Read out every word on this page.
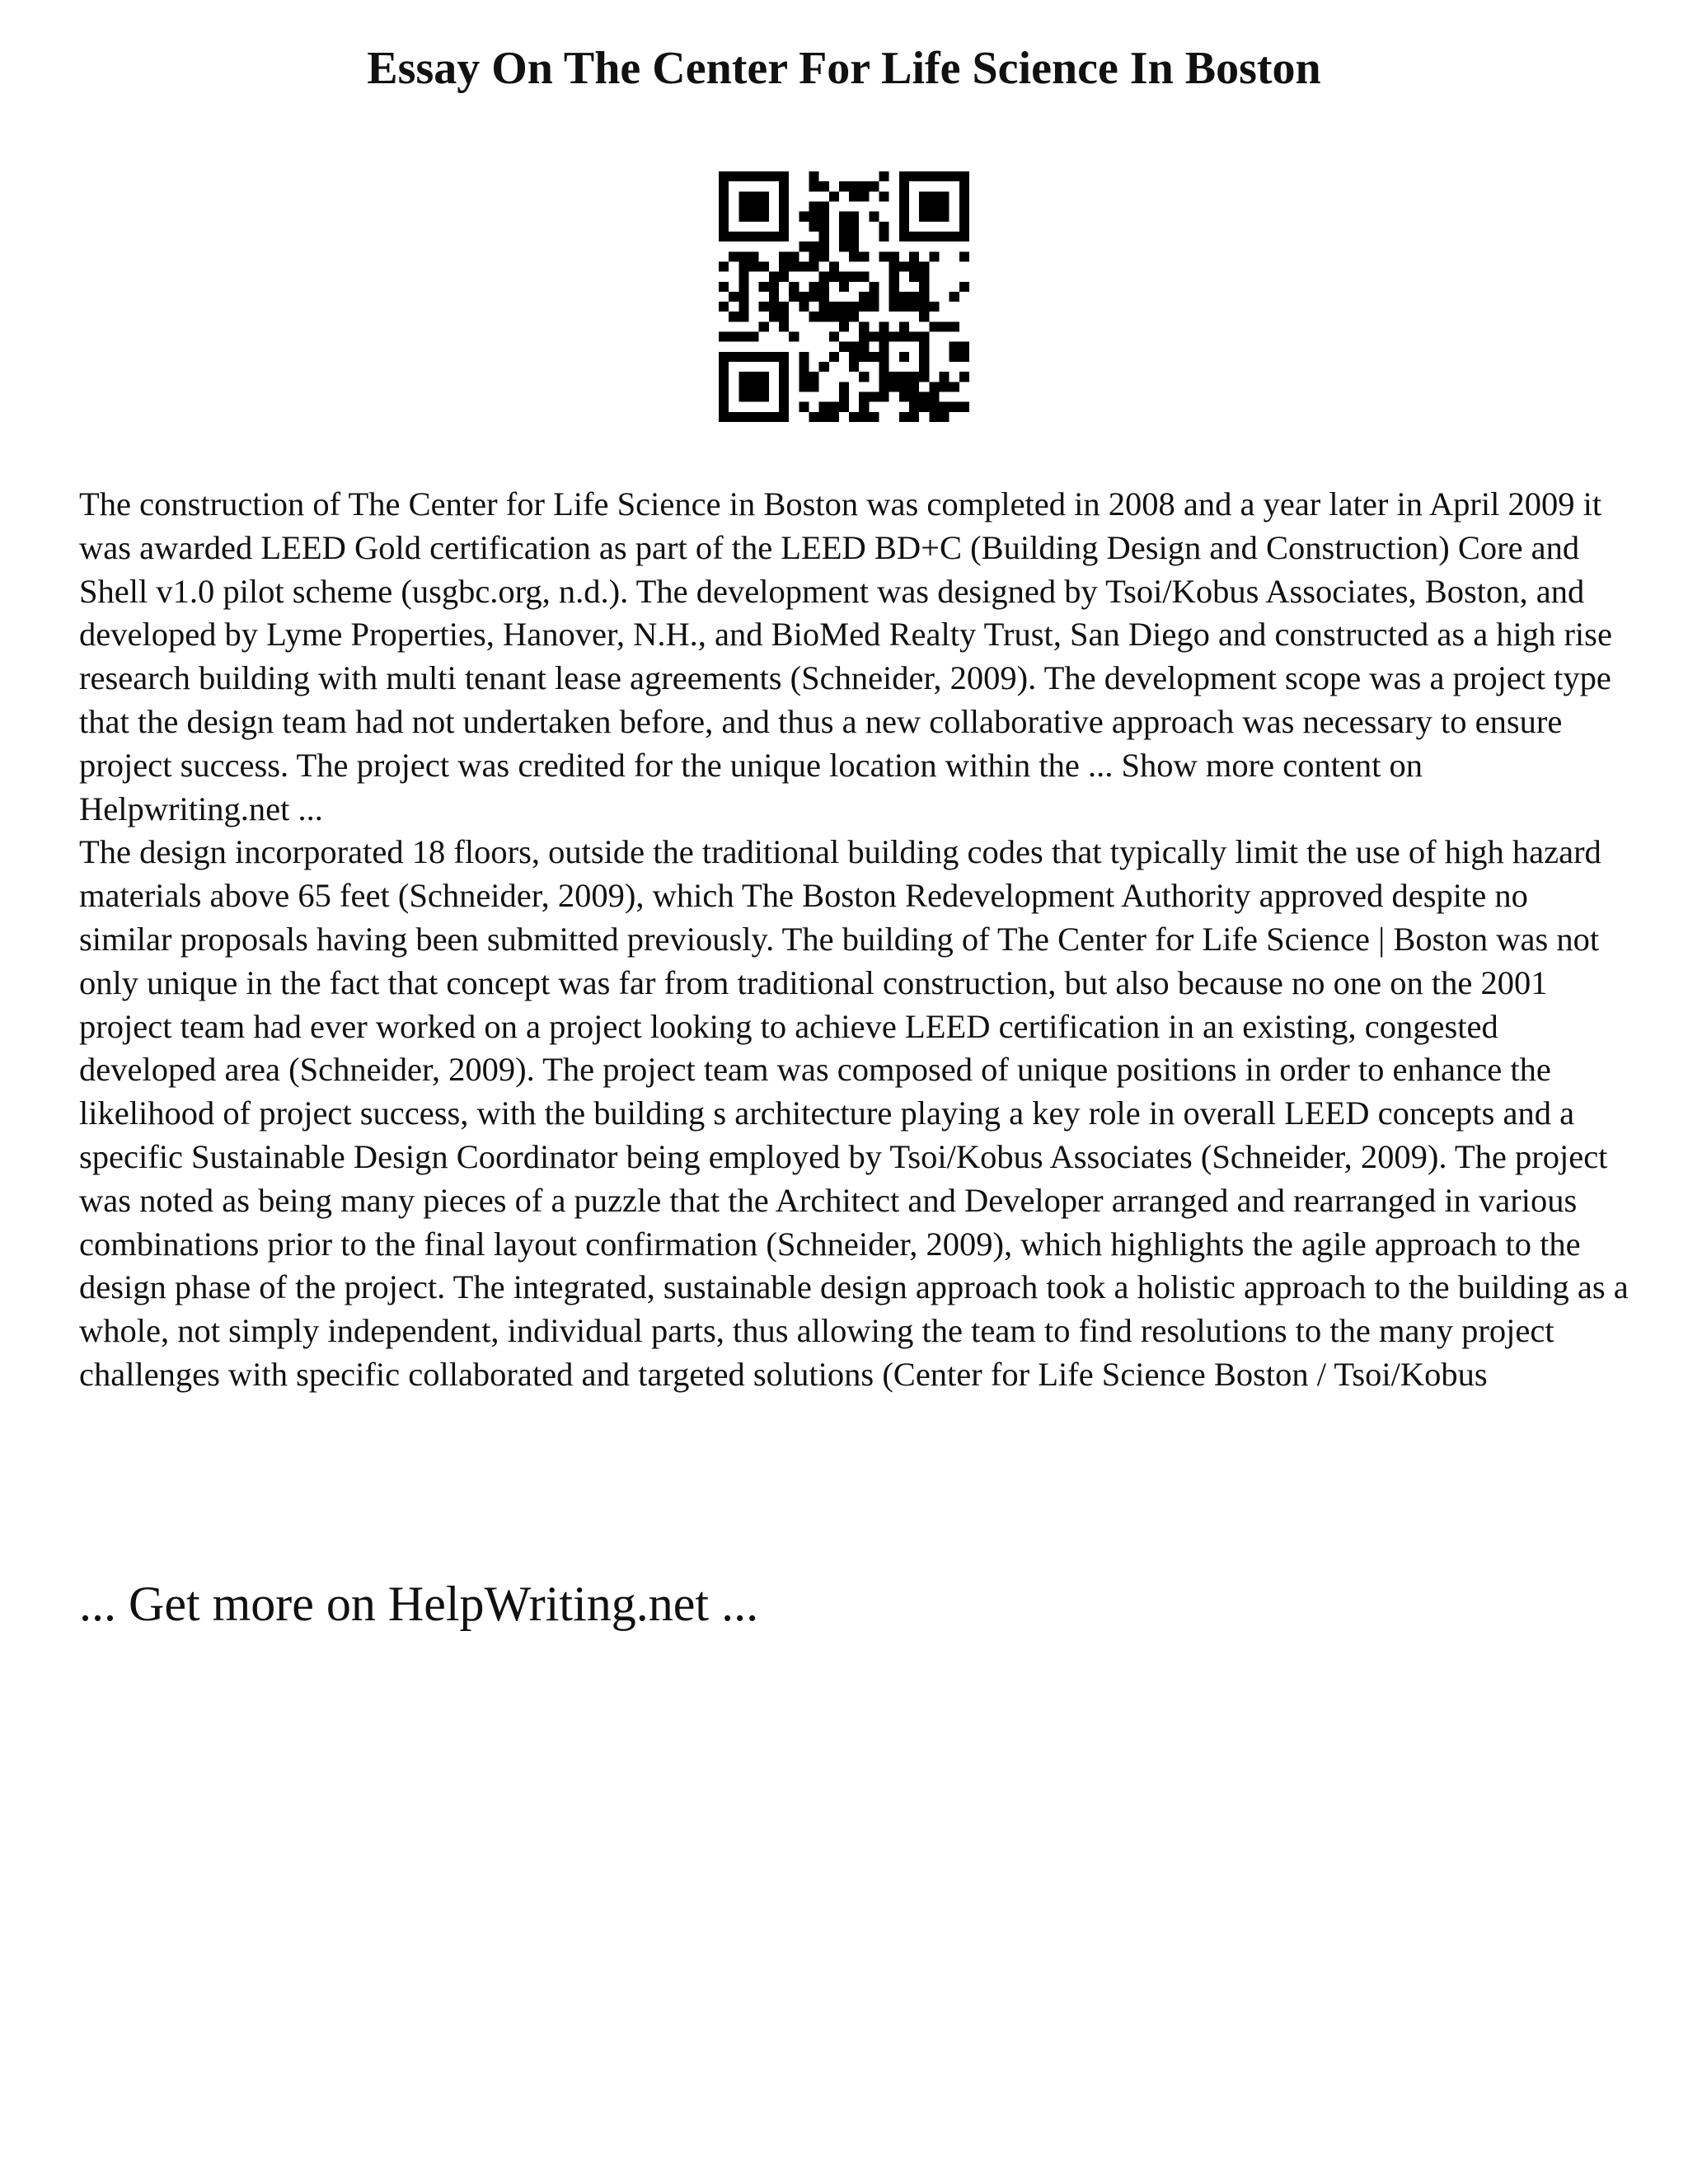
Essay On The Center For Life Science In Boston

The construction of The Center for Life Science in Boston was completed in 2008 and a year later in April 2009 it was awarded LEED Gold certification as part of the LEED BD+C (Building Design and Construction) Core and Shell v1.0 pilot scheme (usgbc.org, n.d.). The development was designed by Tsoi/Kobus Associates, Boston, and developed by Lyme Properties, Hanover, N.H., and BioMed Realty Trust, San Diego and constructed as a high rise research building with multi tenant lease agreements (Schneider, 2009). The development scope was a project type that the design team had not undertaken before, and thus a new collaborative approach was necessary to ensure project success. The project was credited for the unique location within the ... Show more content on Helpwriting.net ...

The design incorporated 18 floors, outside the traditional building codes that typically limit the use of high hazard materials above 65 feet (Schneider, 2009), which The Boston Redevelopment Authority approved despite no similar proposals having been submitted previously. The building of The Center for Life Science | Boston was not only unique in the fact that concept was far from traditional construction, but also because no one on the 2001 project team had ever worked on a project looking to achieve LEED certification in an existing, congested developed area (Schneider, 2009). The project team was composed of unique positions in order to enhance the likelihood of project success, with the building s architecture playing a key role in overall LEED concepts and a specific Sustainable Design Coordinator being employed by Tsoi/Kobus Associates (Schneider, 2009). The project was noted as being many pieces of a puzzle that the Architect and Developer arranged and rearranged in various combinations prior to the final layout confirmation (Schneider, 2009), which highlights the agile approach to the design phase of the project. The integrated, sustainable design approach took a holistic approach to the building as a whole, not simply independent, individual parts, thus allowing the team to find resolutions to the many project challenges with specific collaborated and targeted solutions (Center for Life Science Boston / Tsoi/Kobus

... Get more on HelpWriting.net ...
